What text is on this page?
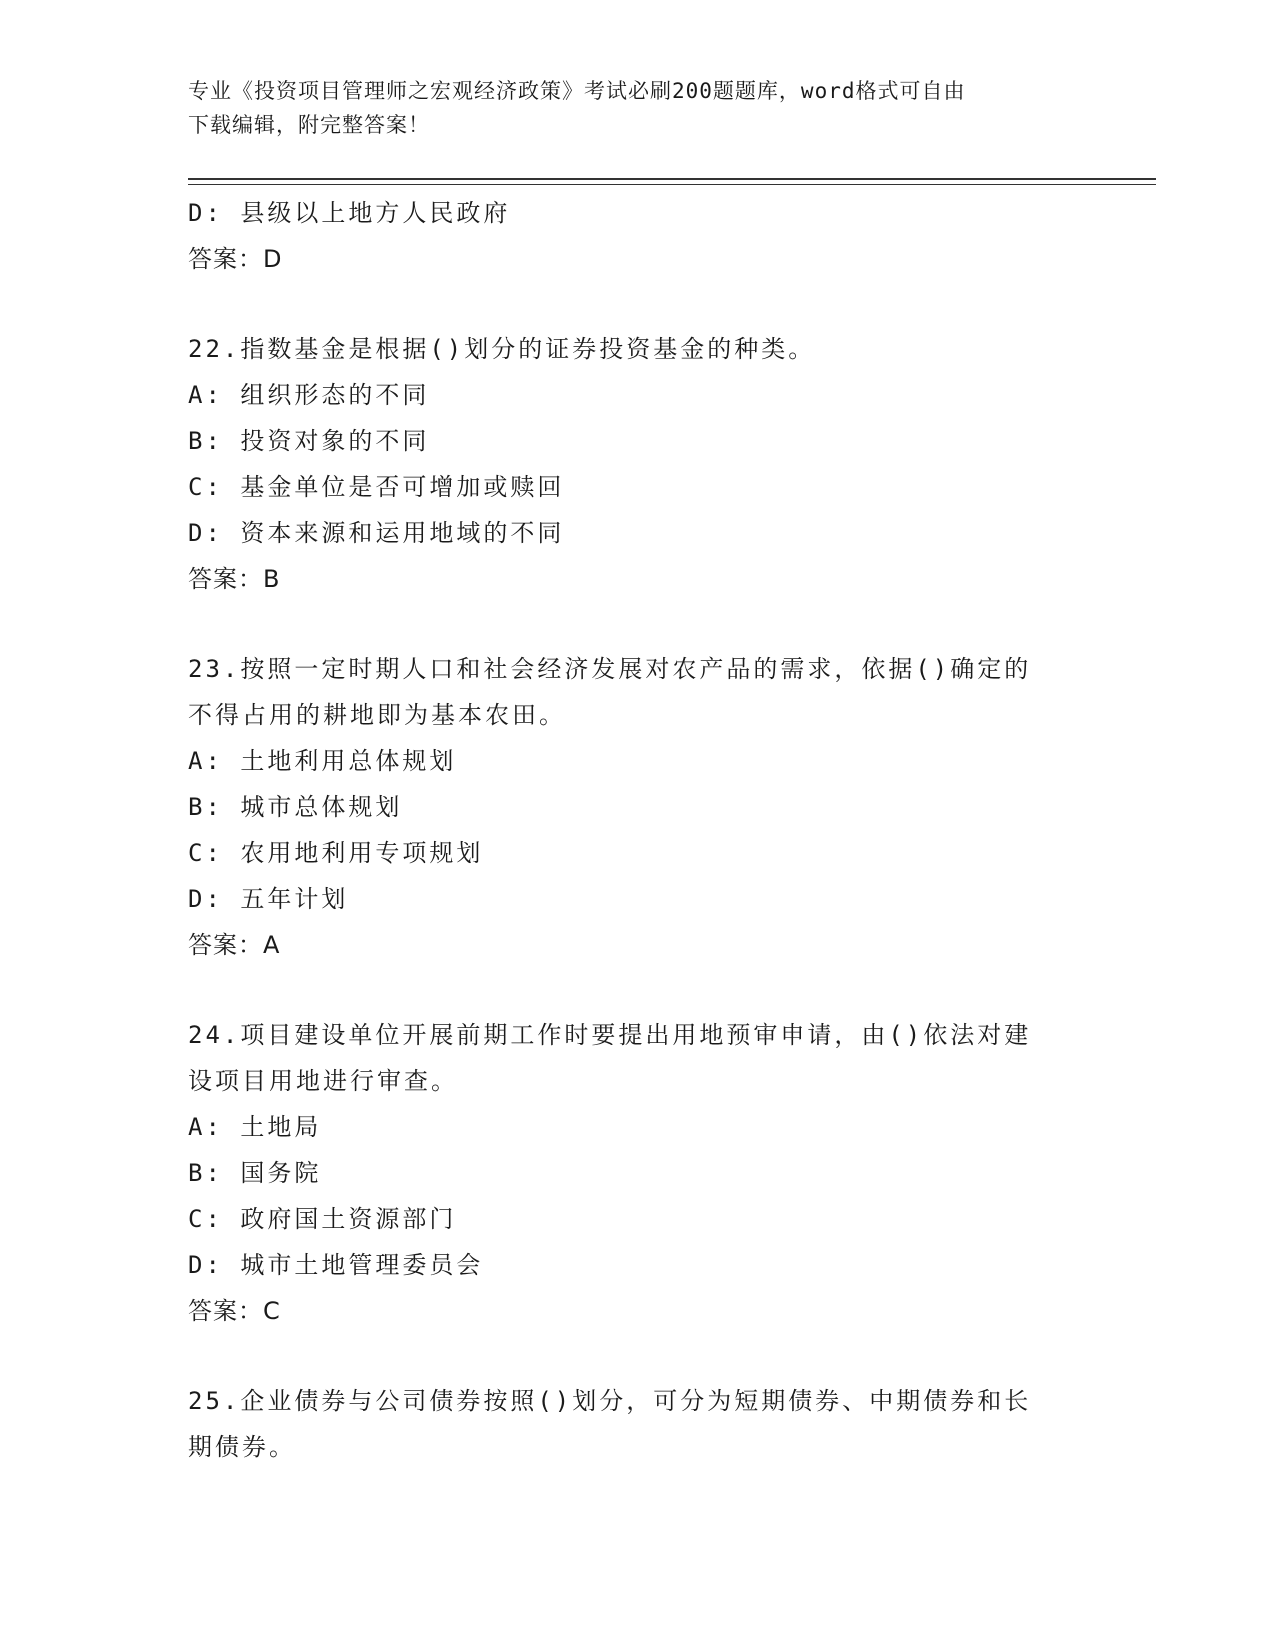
专业《投资项目管理师之宏观经济政策》考试必刷200题题库，word格式可自由
下载编辑，附完整答案！
D: 县级以上地方人民政府
答案：D
22.指数基金是根据()划分的证券投资基金的种类。
A: 组织形态的不同
B: 投资对象的不同
C: 基金单位是否可增加或赎回
D: 资本来源和运用地域的不同
答案：B
23.按照一定时期人口和社会经济发展对农产品的需求，依据()确定的
不得占用的耕地即为基本农田。
A: 土地利用总体规划
B: 城市总体规划
C: 农用地利用专项规划
D: 五年计划
答案：A
24.项目建设单位开展前期工作时要提出用地预审申请，由()依法对建
设项目用地进行审查。
A: 土地局
B: 国务院
C: 政府国土资源部门
D: 城市土地管理委员会
答案：C
25.企业债券与公司债券按照()划分，可分为短期债券、中期债券和长
期债券。
